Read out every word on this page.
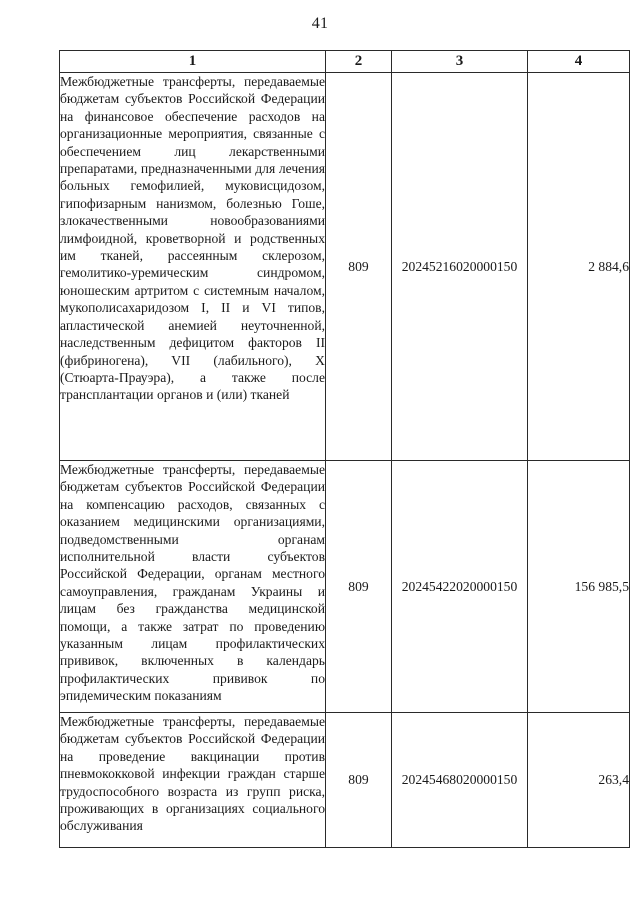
41
1	2	3	4

Межбюджетные трансферты, передаваемые бюджетам субъектов Российской Федерации на финансовое обеспечение расходов на организационные мероприятия, связанные с обеспечением лиц лекарственными препаратами, предназначенными для лечения больных гемофилией, муковисцидозом, гипофизарным нанизмом, болезнью Гоше, злокачественными новообразованиями лимфоидной, кроветворной и родственных им тканей, рассеянным склерозом, гемолитико-уремическим синдромом, юношеским артритом с системным началом, мукополисахаридозом I, II и VI типов, апластической анемией неуточненной, наследственным дефицитом факторов II (фибриногена), VII (лабильного), X (Стюарта-Прауэра), а также после трансплантации органов и (или) тканей	809	20245216020000150	2 884,6

Межбюджетные трансферты, передаваемые бюджетам субъектов Российской Федерации на компенсацию расходов, связанных с оказанием медицинскими организациями, подведомственными органам исполнительной власти субъектов Российской Федерации, органам местного самоуправления, гражданам Украины и лицам без гражданства медицинской помощи, а также затрат по проведению указанным лицам профилактических прививок, включенных в календарь профилактических прививок по эпидемическим показаниям	809	20245422020000150	156 985,5

Межбюджетные трансферты, передаваемые бюджетам субъектов Российской Федерации на проведение вакцинации против пневмококковой инфекции граждан старше трудоспособного возраста из групп риска, проживающих в организациях социального обслуживания	809	20245468020000150	263,4
